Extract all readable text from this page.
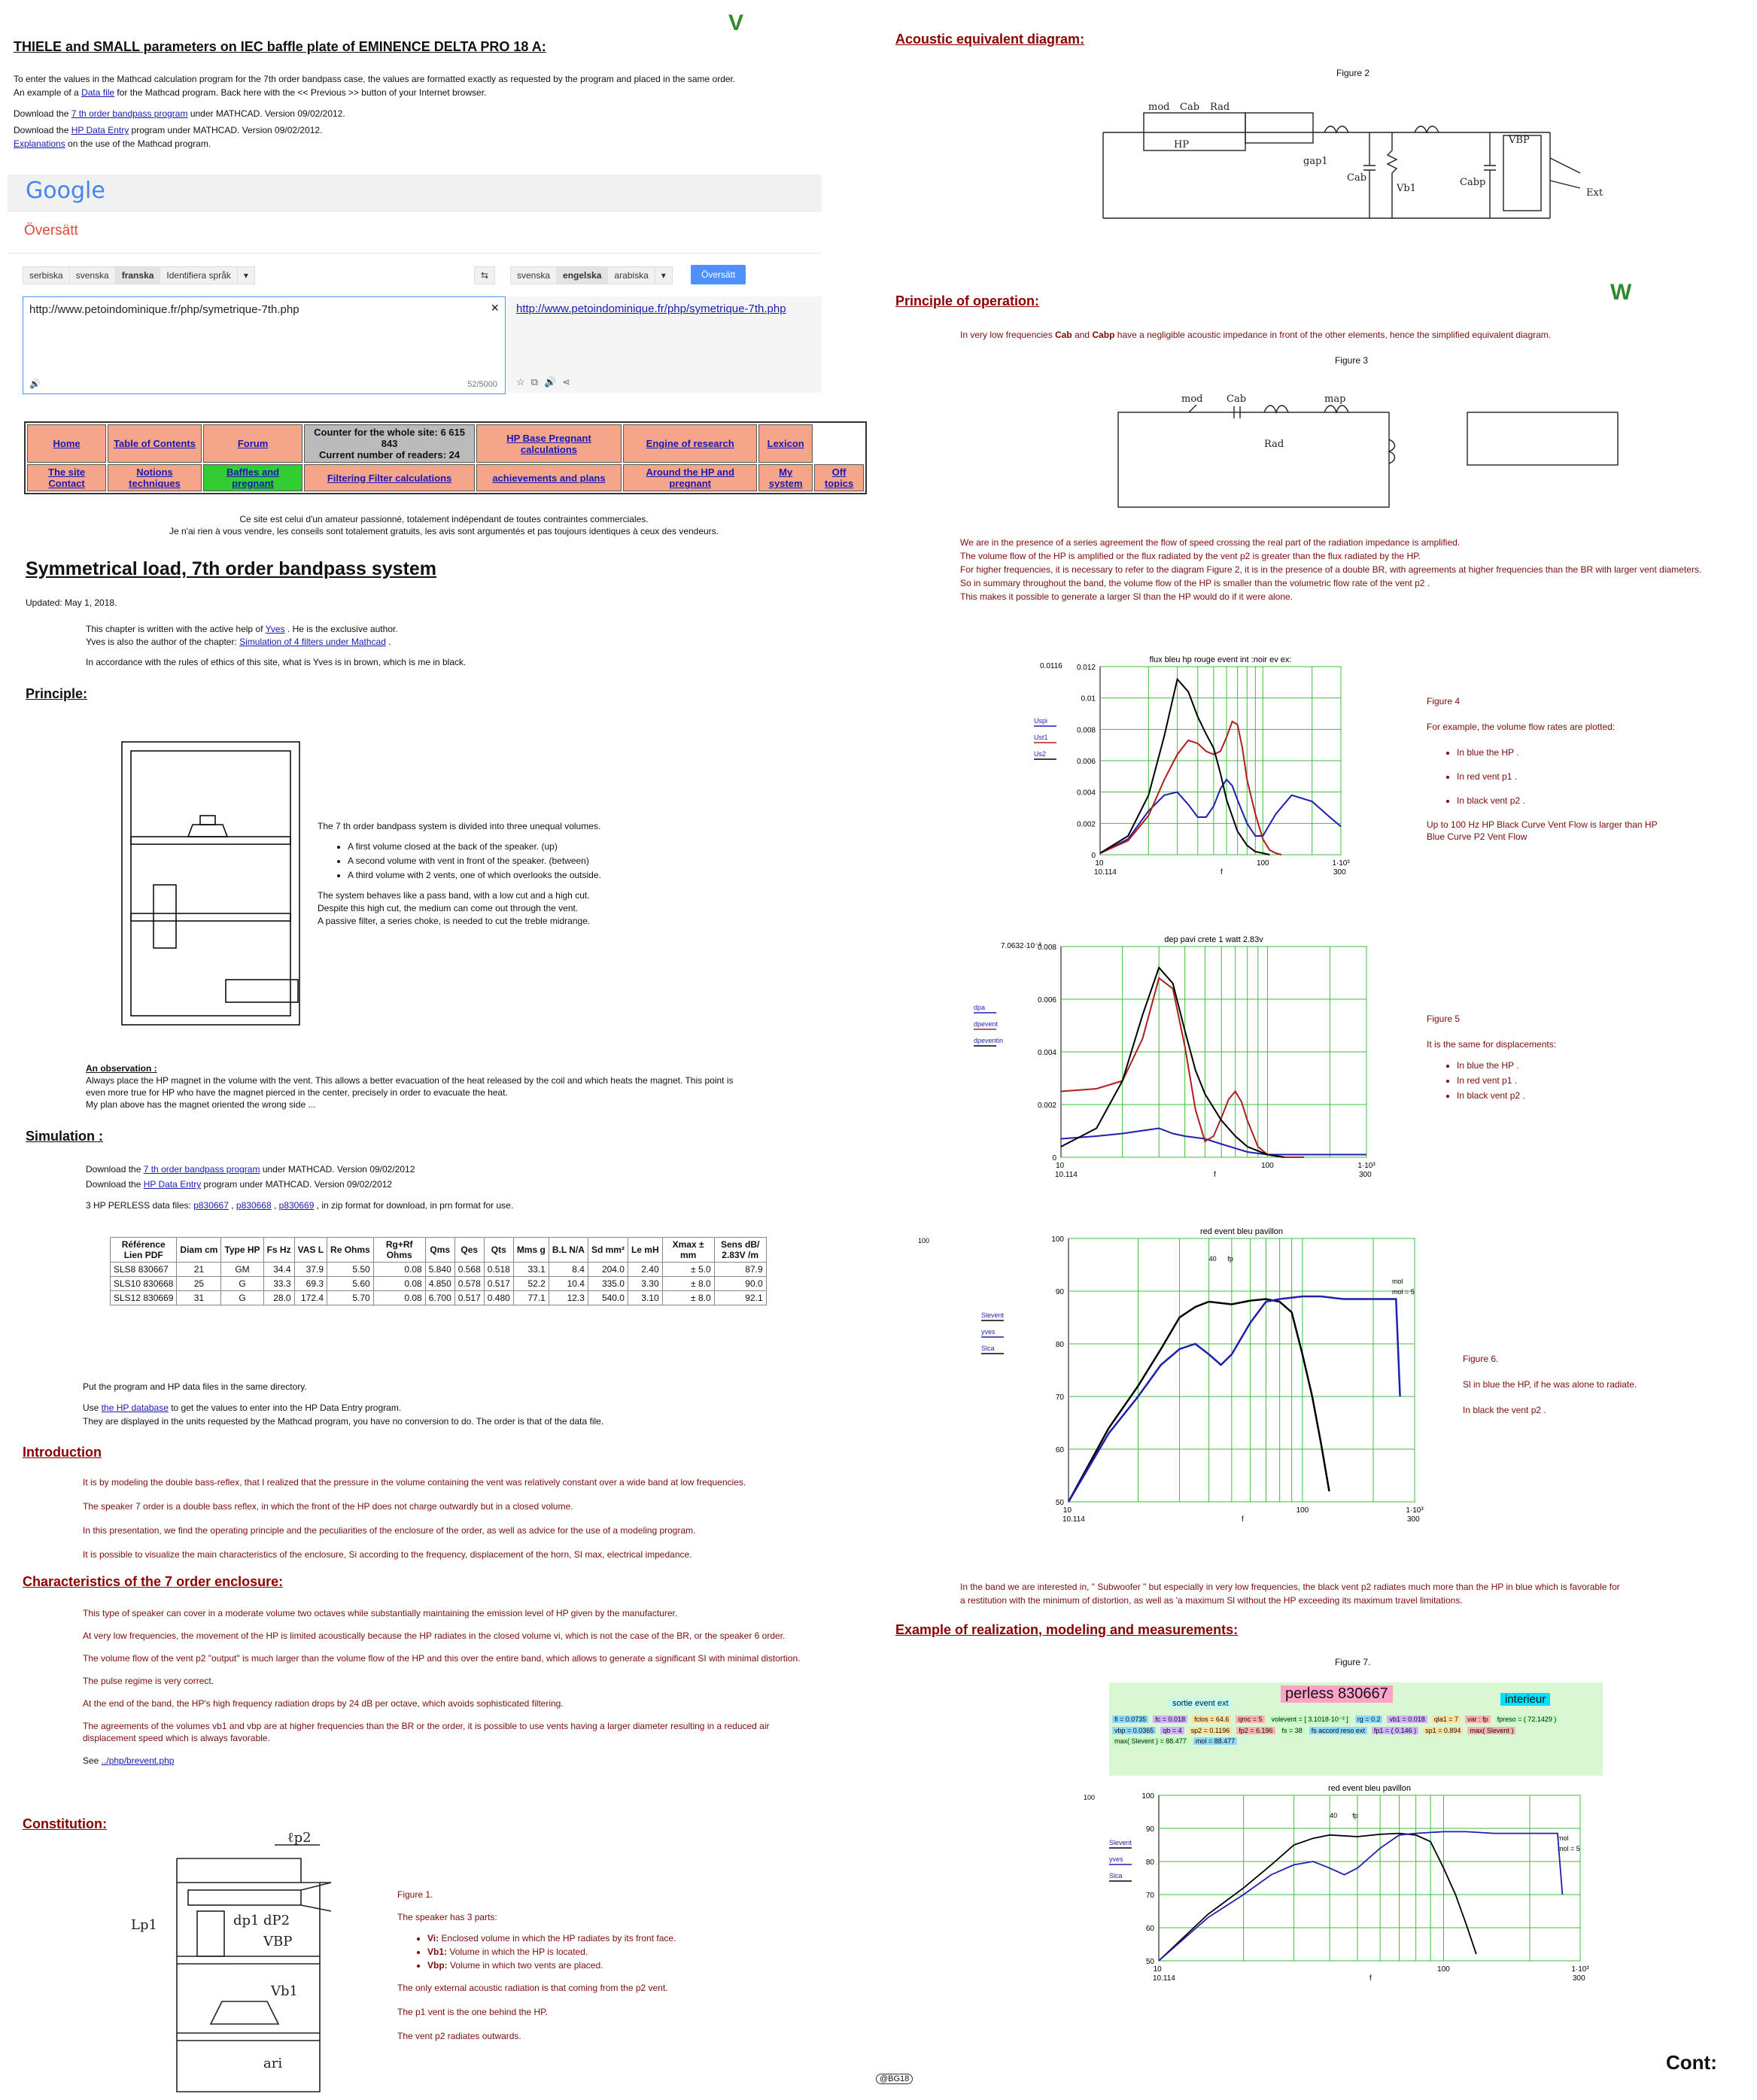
THIELE and SMALL parameters on IEC baffle plate of EMINENCE DELTA PRO 18 A:
V

To enter the values in the Mathcad calculation program for the 7th order bandpass case, the values are formatted exactly as requested by the program and placed in the same order.

An example of a Data file for the Mathcad program. Back here with the << Previous >> button of your Internet browser.

Download the 7 th order bandpass program under MATHCAD. Version 09/02/2012.

Download the HP Data Entry program under MATHCAD. Version 09/02/2012.

Explanations on the use of the Mathcad program.

Google
Översätt
serbiska svenska franska Identifiera språk ▾	⇆	svenska engelska arabiska ▾	Översätt
http://www.petoindominique.fr/php/symetrique-7th.php	×
🔊	52/5000
http://www.petoindominique.fr/php/symetrique-7th.php
☆⧉🔊⋖
Home	Table of Contents	Forum	Counter for the whole site: 6 615 843
Current number of readers: 24	HP Base Pregnant calculations	Engine of research	Lexicon	
The site Contact	Notions techniques	Baffles and pregnant	Filtering Filter calculations	achievements and plans	Around the HP and pregnant	My system	Off topics
Ce site est celui d'un amateur passionné, totalement indépendant de toutes contraintes commerciales.
Je n'ai rien à vous vendre, les conseils sont totalement gratuits, les avis sont argumentés et pas toujours identiques à ceux des vendeurs.
Symmetrical load, 7th order bandpass system
Updated: May 1, 2018.

This chapter is written with the active help of Yves . He is the exclusive author.

Yves is also the author of the chapter: Simulation of 4 filters under Mathcad .

In accordance with the rules of ethics of this site, what is Yves is in brown, which is me in black.

Principle:

The 7 th order bandpass system is divided into three unequal volumes.

• A first volume closed at the back of the speaker. (up)
• A second volume with vent in front of the speaker. (between)
• A third volume with 2 vents, one of which overlooks the outside.

The system behaves like a pass band, with a low cut and a high cut.

Despite this high cut, the medium can come out through the vent.

A passive filter, a series choke, is needed to cut the treble midrange.

An observation :

Always place the HP magnet in the volume with the vent. This allows a better evacuation of the heat released by the coil and which heats the magnet. This point is

even more true for HP who have the magnet pierced in the center, precisely in order to evacuate the heat.

My plan above has the magnet oriented the wrong side ...

Simulation :

Download the 7 th order bandpass program under MATHCAD. Version 09/02/2012

Download the HP Data Entry program under MATHCAD. Version 09/02/2012

3 HP PERLESS data files: p830667 , p830668 , p830669 , in zip format for download, in prn format for use.

Référence Lien PDF	Diam cm	Type HP	Fs Hz	VAS L	Re Ohms	Rg+Rf Ohms	Qms	Qes	Qts	Mms g	B.L N/A	Sd mm²	Le mH	Xmax ± mm	Sens dB/ 2.83V /m
SLS8 830667	21	GM	34.4	37.9	5.50	0.08	5.840	0.568	0.518	33.1	8.4	204.0	2.40	± 5.0	87.9
SLS10 830668	25	G	33.3	69.3	5.60	0.08	4.850	0.578	0.517	52.2	10.4	335.0	3.30	± 8.0	90.0
SLS12 830669	31	G	28.0	172.4	5.70	0.08	6.700	0.517	0.480	77.1	12.3	540.0	3.10	± 8.0	92.1

Put the program and HP data files in the same directory.

Use the HP database to get the values to enter into the HP Data Entry program.

They are displayed in the units requested by the Mathcad program, you have no conversion to do. The order is that of the data file.

Introduction

It is by modeling the double bass-reflex, that I realized that the pressure in the volume containing the vent was relatively constant over a wide band at low frequencies.

The speaker 7 order is a double bass reflex, in which the front of the HP does not charge outwardly but in a closed volume.

In this presentation, we find the operating principle and the peculiarities of the enclosure of the order, as well as advice for the use of a modeling program.

It is possible to visualize the main characteristics of the enclosure, Si according to the frequency, displacement of the horn, SI max, electrical impedance.

Characteristics of the 7 order enclosure:

This type of speaker can cover in a moderate volume two octaves while substantially maintaining the emission level of HP given by the manufacturer.

At very low frequencies, the movement of the HP is limited acoustically because the HP radiates in the closed volume vi, which is not the case of the BR, or the speaker 6 order.

The volume flow of the vent p2 "output" is much larger than the volume flow of the HP and this over the entire band, which allows to generate a significant SI with minimal distortion.

The pulse regime is very correct.

At the end of the band, the HP's high frequency radiation drops by 24 dB per octave, which avoids sophisticated filtering.

The agreements of the volumes vb1 and vbp are at higher frequencies than the BR or the order, it is possible to use vents having a larger diameter resulting in a reduced air displacement speed which is always favorable.

See ../php/brevent.php

Constitution:
ℓp2
Lp1	dp1 dP2
VBP
Vb1
ari

Figure 1.

The speaker has 3 parts:

• Vi: Enclosed volume in which the HP radiates by its front face.
• Vb1: Volume in which the HP is located.
• Vbp: Volume in which two vents are placed.

The only external acoustic radiation is that coming from the p2 vent.

The p1 vent is the one behind the HP.

The vent p2 radiates outwards.

Acoustic equivalent diagram:
Figure 2
mod Cab Rad
HP
gap1
Cab
Vb1
Cabp
VBP
Ext
W
Principle of operation:
In very low frequencies Cab and Cabp have a negligible acoustic impedance in front of the other elements, hence the simplified equivalent diagram.
Figure 3
mod Cab
Rad
map

We are in the presence of a series agreement the flow of speed crossing the real part of the radiation impedance is amplified.

The volume flow of the HP is amplified or the flux radiated by the vent p2 is greater than the flux radiated by the HP.

For higher frequencies, it is necessary to refer to the diagram Figure 2, it is in the presence of a double BR, with agreements at higher frequencies than the BR with larger vent diameters.

So in summary throughout the band, the volume flow of the HP is smaller than the volumetric flow rate of the vent p2 .

This makes it possible to generate a larger Sl than the HP would do if it were alone.

0
0.002
0.004
0.006
0.008
0.01
0.012
flux bleu hp rouge event int :noir ev ex:
10	100	1·10³
10.114	300
f
0.0116
Uspi
Ust1
Us2

Figure 4

For example, the volume flow rates are plotted:

• In blue the HP .
• In red vent p1 .
• In black vent p2 .

Up to 100 Hz HP Black Curve Vent Flow is larger than HP

Blue Curve P2 Vent Flow

0
0.002
0.004
0.006
0.008
dep pavi crete 1 watt 2.83v
10	100	1·10³
10.114	300
f
7.0632·10⁻³
dpa
dpevent
dpeventin

Figure 5

It is the same for displacements:

• In blue the HP .
• In red vent p1 .
• In black vent p2 .
50
60
70
80
90
100
red event bleu pavillon
10	100	1·10³
10.114	300
f
Slevent
yves
Slca
40 fp
mol
mol = 5
100

Figure 6.

Sl in blue the HP, if he was alone to radiate.

In black the vent p2 .

In the band we are interested in, " Subwoofer " but especially in very low frequencies, the black vent p2 radiates much more than the HP in blue which is favorable for

a restitution with the minimum of distortion, as well as 'a maximum Sl without the HP exceeding its maximum travel limitations.

Example of realization, modeling and measurements:
Figure 7.
perless 830667
sortie event ext	interieur
fi = 0.0735 fc = 0.018 fclos = 64.6 qmc = 5 volevent = [ 3.1018·10⁻³ ] rg = 0.2 vb1 = 0.018 qla1 = 7 var : fp fpreso = ( 72.1429 )vbp = 0.0365 qb = 4 sp2 = 0.1196 fp2 = 6.196 fs = 38 fs accord reso ext fp1 = ( 0.146 ) sp1 = 0.894 max( Slevent )max( Slevent ) = 88.477 mol = 88.477
50
60
70
80
90
100
red event bleu pavillon
10	100	1·10³
10.114	300
f
Slevent
yves
Slca
40 fp
mol
mol = 5
100
@BG18
Cont:
